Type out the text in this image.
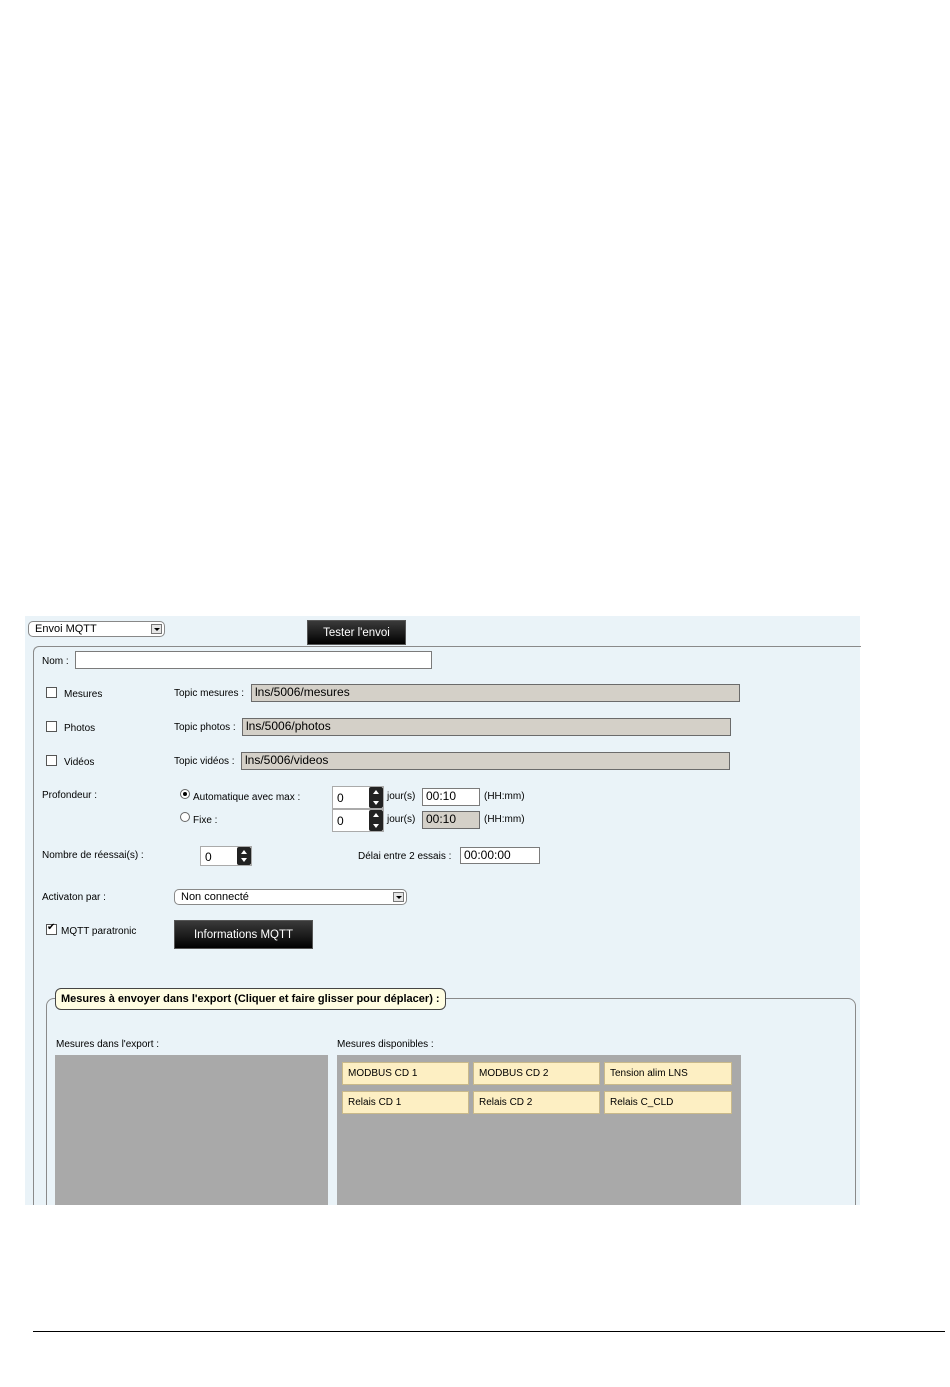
Envoi MQTT	Tester l'envoi
Nom :
Mesures	Topic mesures : lns/5006/mesures
Photos	Topic photos : lns/5006/photos
Vidéos	Topic vidéos : lns/5006/videos
Profondeur :	Automatique avec max :	0	jour(s) 00:10	(HH:mm)
Fixe :	0	jour(s) 00:10	(HH:mm)
Nombre de réessai(s) :	0	Délai entre 2 essais :	00:00:00
Activaton par :	Non connecté
✔
MQTT paratronic	Informations MQTT
Mesures à envoyer dans l'export (Cliquer et faire glisser pour déplacer) :
Mesures dans l'export :	Mesures disponibles :
MODBUS CD 1	MODBUS CD 2	Tension alim LNS
Relais CD 1	Relais CD 2	Relais C_CLD
